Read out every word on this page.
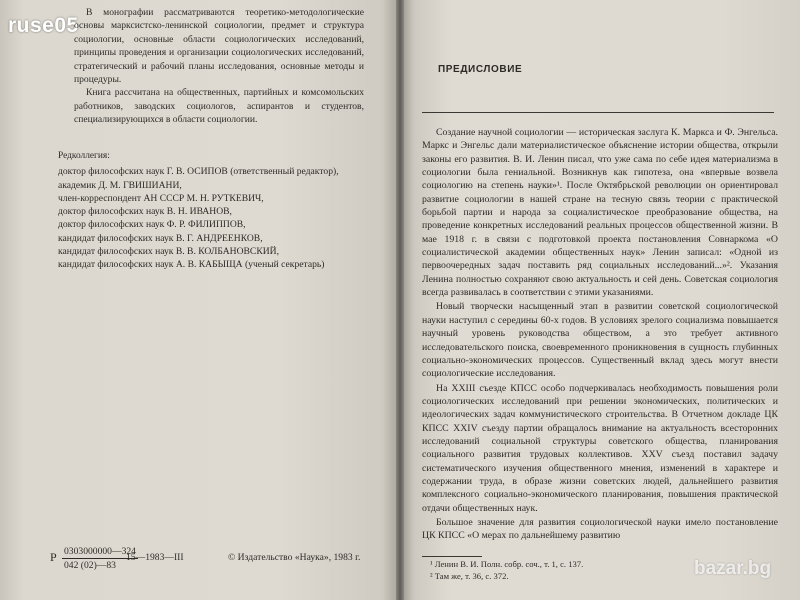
ruse05

В монографии рассматриваются теоретико-методологические основы марксистско-ленинской социологии, предмет и структура социологии, основные области социологических исследований, принципы проведения и организации социологических исследований, стратегический и рабочий планы исследования, основные методы и процедуры.

Книга рассчитана на общественных, партийных и комсомольских работников, заводских социологов, аспирантов и студентов, специализирующихся в области социологии.

Редколлегия:
доктор философских наук Г. В. ОСИПОВ (ответственный редактор),
академик Д. М. ГВИШИАНИ,
член-корреспондент АН СССР М. Н. РУТКЕВИЧ,
доктор философских наук В. Н. ИВАНОВ,
доктор философских наук Ф. Р. ФИЛИППОВ,
кандидат философских наук В. Г. АНДРЕЕНКОВ,
кандидат философских наук В. В. КОЛБАНОВСКИЙ,
кандидат философских наук А. В. КАБЫЩА (ученый секретарь)
Р $\frac{0303000000—324}{042 (02)—83}$
15—1983—III	© Издательство «Наука», 1983 г.
ПРЕДИСЛОВИЕ

Создание научной социологии — историческая заслуга К. Маркса и Ф. Энгельса. Маркс и Энгельс дали материалистическое объяснение истории общества, открыли законы его развития. В. И. Ленин писал, что уже сама по себе идея материализма в социологии была гениальной. Возникнув как гипотеза, она «впервые возвела социологию на степень науки»¹. После Октябрьской революции он ориентировал развитие социологии в нашей стране на тесную связь теории с практической борьбой партии и народа за социалистическое преобразование общества, на проведение конкретных исследований реальных процессов общественной жизни. В мае 1918 г. в связи с подготовкой проекта постановления Совнаркома «О социалистической академии общественных наук» Ленин записал: «Одной из первоочередных задач поставить ряд социальных исследований...»². Указания Ленина полностью сохраняют свою актуальность и сей день. Советская социология всегда развивалась в соответствии с этими указаниями.

Новый творчески насыщенный этап в развитии советской социологической науки наступил с середины 60-х годов. В условиях зрелого социализма повышается научный уровень руководства обществом, а это требует активного исследовательского поиска, своевременного проникновения в сущность глубинных социально-экономических процессов. Существенный вклад здесь могут внести социологические исследования.

На XXIII съезде КПСС особо подчеркивалась необходимость повышения роли социологических исследований при решении экономических, политических и идеологических задач коммунистического строительства. В Отчетном докладе ЦК КПСС XXIV съезду партии обращалось внимание на актуальность всесторонних исследований социальной структуры советского общества, планирования социального развития трудовых коллективов. XXV съезд поставил задачу систематического изучения общественного мнения, изменений в характере и содержании труда, в образе жизни советских людей, дальнейшего развития комплексного социально-экономического планирования, повышения практической отдачи общественных наук.

Большое значение для развития социологической науки имело постановление ЦК КПСС «О мерах по дальнейшему развитию

¹ Ленин В. И. Полн. собр. соч., т. 1, с. 137.
² Там же, т. 36, с. 372.	bazar.bg
